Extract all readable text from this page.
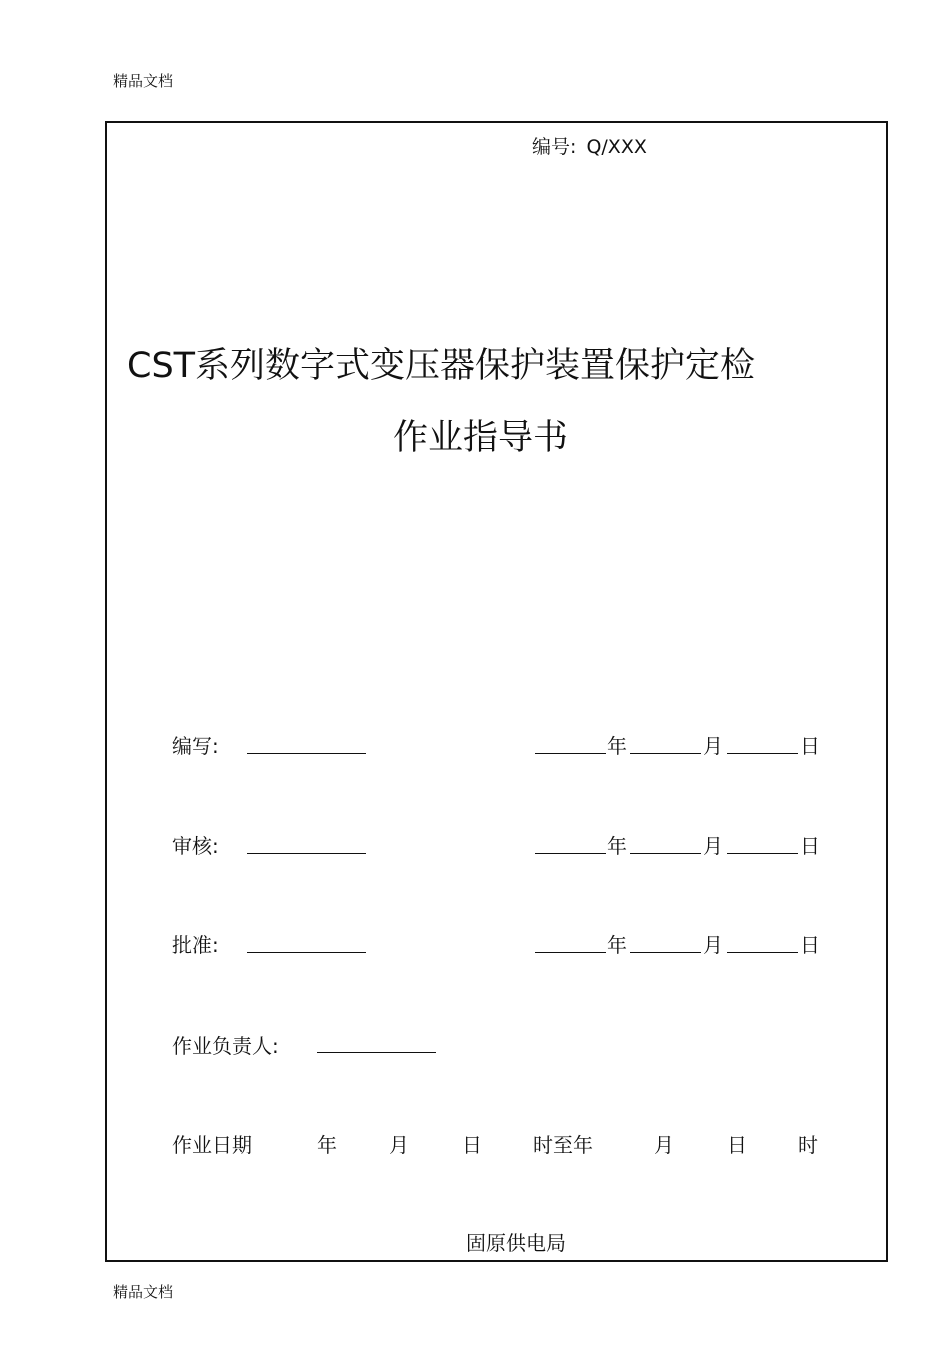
精品文档
编号: Q/XXX
CST系列数字式变压器保护装置保护定检
作业指导书
编写:	年	月	日
审核:	年	月	日
批准:	年	月	日
作业负责人:
作业日期	年	月	日	时至年	月	日	时
固原供电局
精品文档
